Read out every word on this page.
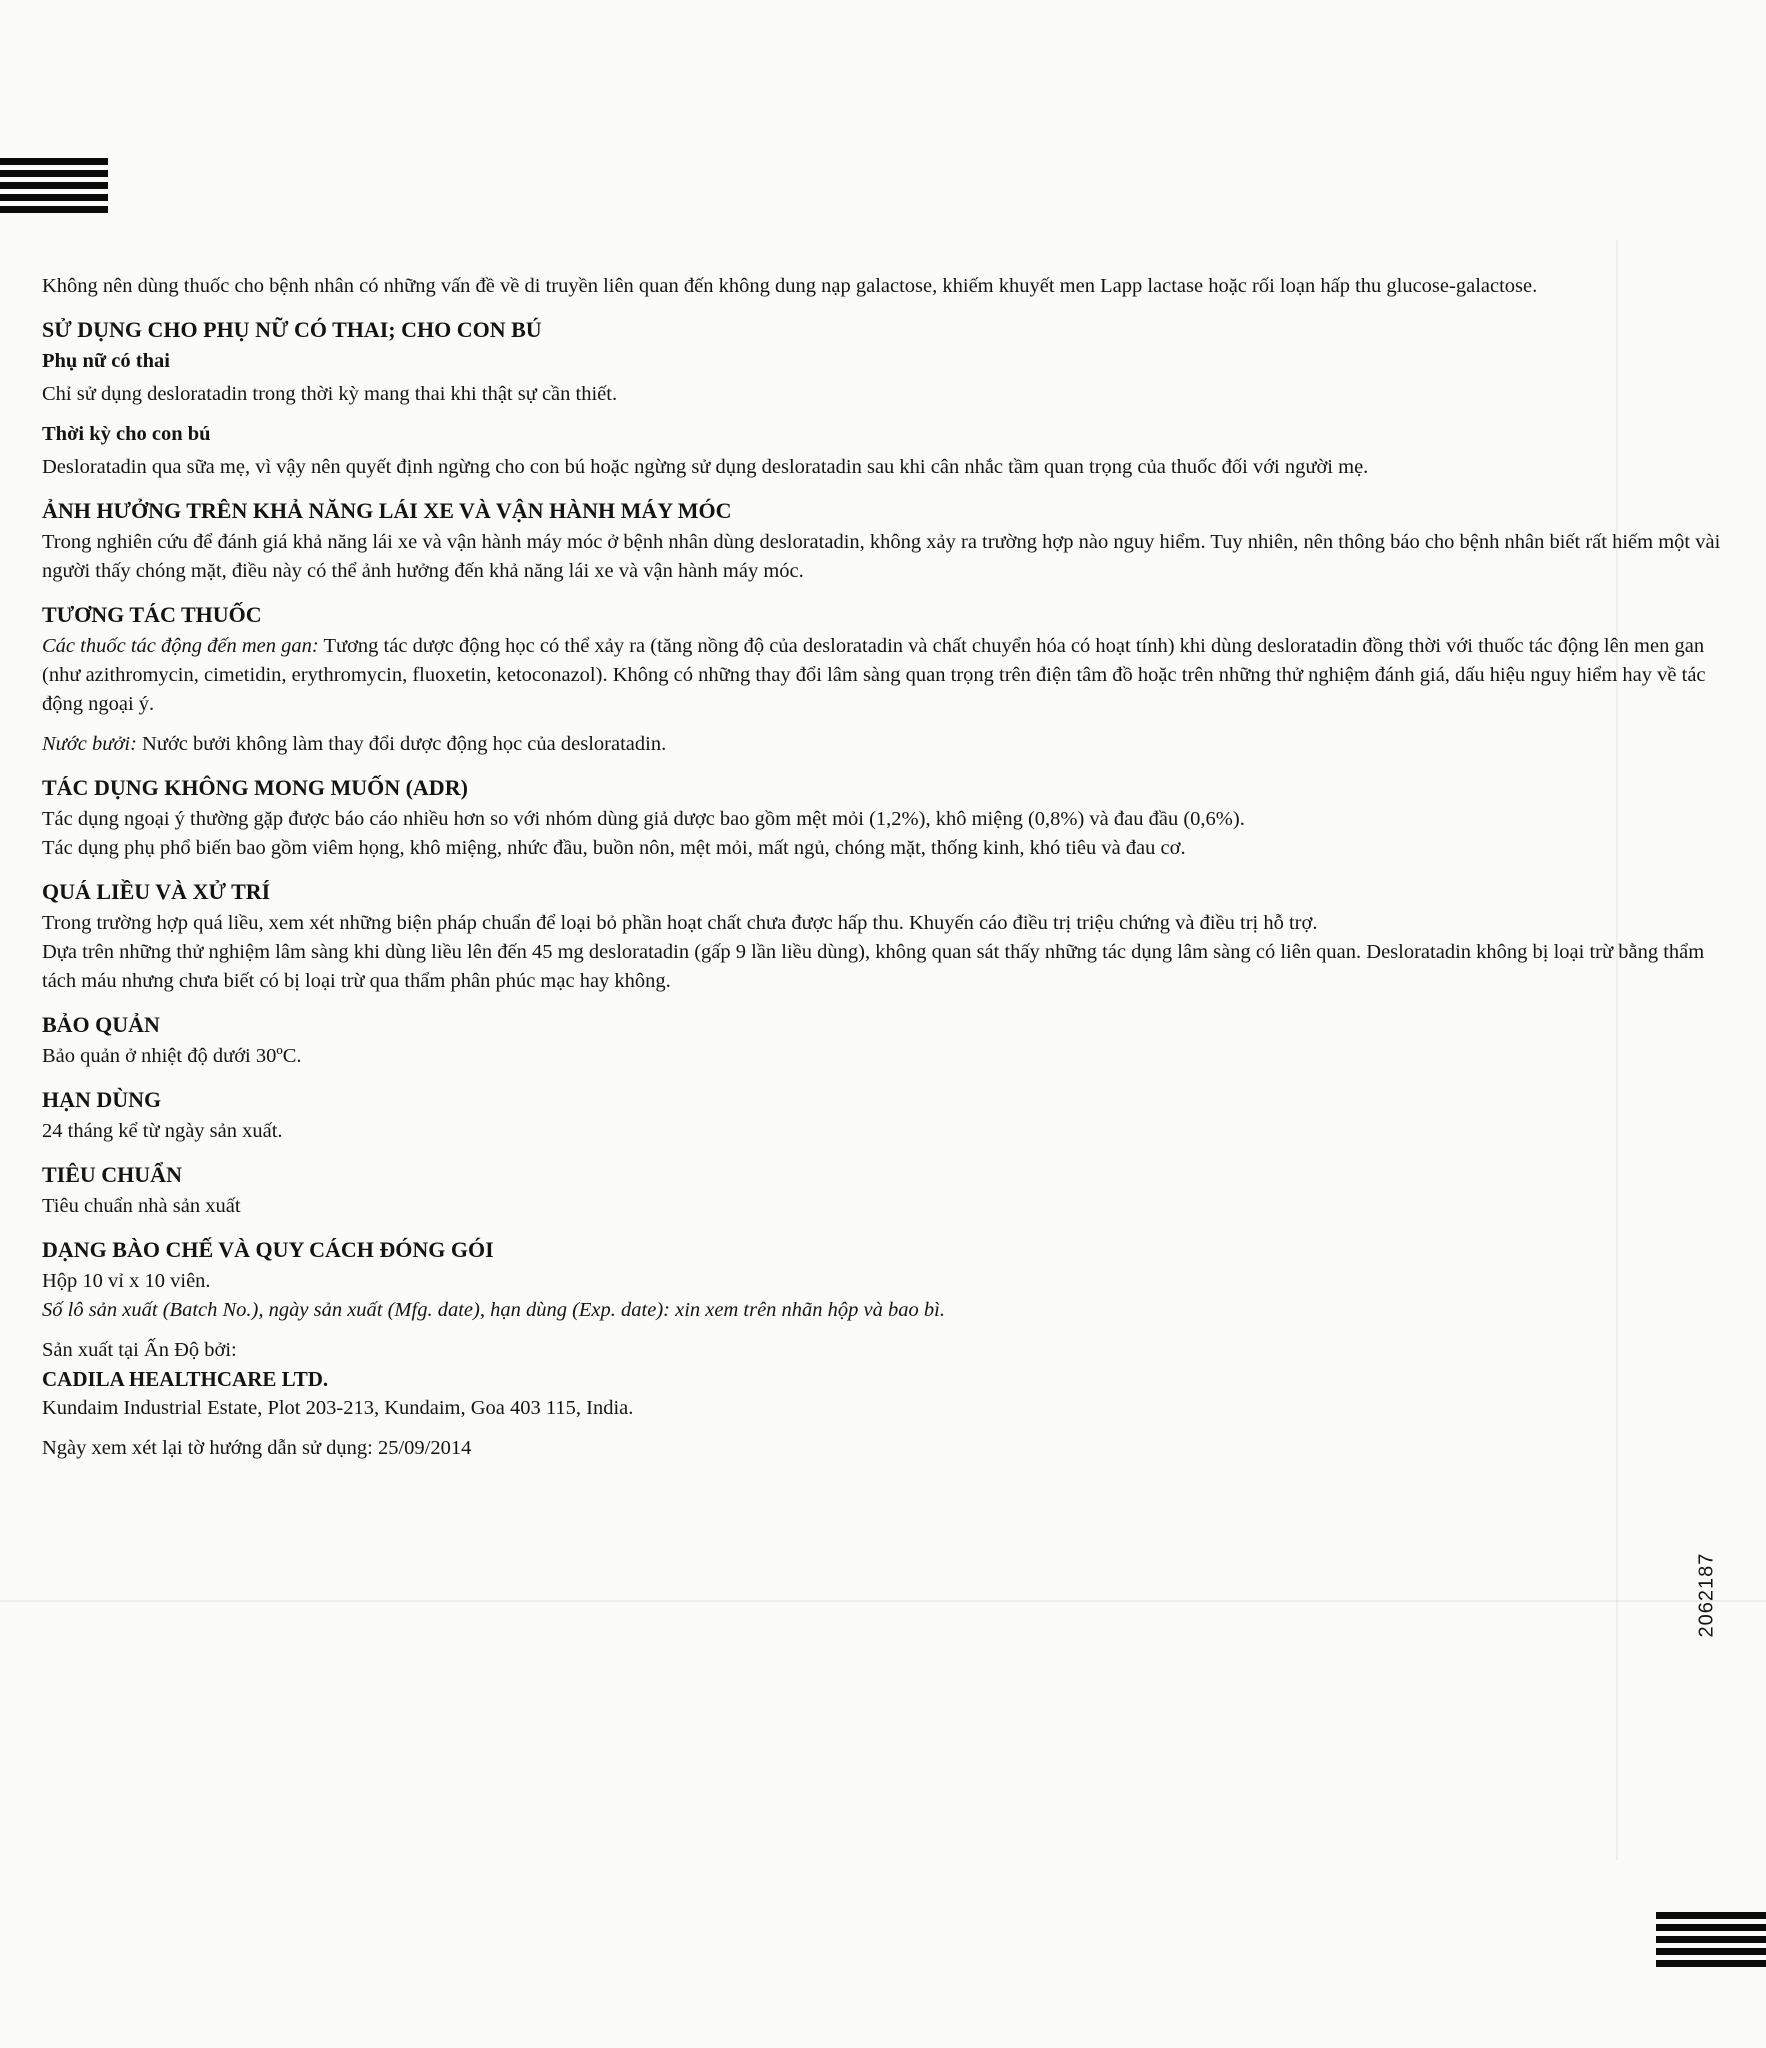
Không nên dùng thuốc cho bệnh nhân có những vấn đề về di truyền liên quan đến không dung nạp galactose, khiếm khuyết men Lapp lactase hoặc rối loạn hấp thu glucose-galactose.

SỬ DỤNG CHO PHỤ NỮ CÓ THAI; CHO CON BÚ
Phụ nữ có thai

Chỉ sử dụng desloratadin trong thời kỳ mang thai khi thật sự cần thiết.

Thời kỳ cho con bú

Desloratadin qua sữa mẹ, vì vậy nên quyết định ngừng cho con bú hoặc ngừng sử dụng desloratadin sau khi cân nhắc tầm quan trọng của thuốc đối với người mẹ.

ẢNH HƯỞNG TRÊN KHẢ NĂNG LÁI XE VÀ VẬN HÀNH MÁY MÓC

Trong nghiên cứu để đánh giá khả năng lái xe và vận hành máy móc ở bệnh nhân dùng desloratadin, không xảy ra trường hợp nào nguy hiểm. Tuy nhiên, nên thông báo cho bệnh nhân biết rất hiếm một vài người thấy chóng mặt, điều này có thể ảnh hưởng đến khả năng lái xe và vận hành máy móc.

TƯƠNG TÁC THUỐC

Các thuốc tác động đến men gan: Tương tác dược động học có thể xảy ra (tăng nồng độ của desloratadin và chất chuyển hóa có hoạt tính) khi dùng desloratadin đồng thời với thuốc tác động lên men gan (như azithromycin, cimetidin, erythromycin, fluoxetin, ketoconazol). Không có những thay đổi lâm sàng quan trọng trên điện tâm đồ hoặc trên những thử nghiệm đánh giá, dấu hiệu nguy hiểm hay về tác động ngoại ý.

Nước bưởi: Nước bưởi không làm thay đổi dược động học của desloratadin.

TÁC DỤNG KHÔNG MONG MUỐN (ADR)

Tác dụng ngoại ý thường gặp được báo cáo nhiều hơn so với nhóm dùng giả dược bao gồm mệt mỏi (1,2%), khô miệng (0,8%) và đau đầu (0,6%).

Tác dụng phụ phổ biến bao gồm viêm họng, khô miệng, nhức đầu, buồn nôn, mệt mỏi, mất ngủ, chóng mặt, thống kinh, khó tiêu và đau cơ.

QUÁ LIỀU VÀ XỬ TRÍ

Trong trường hợp quá liều, xem xét những biện pháp chuẩn để loại bỏ phần hoạt chất chưa được hấp thu. Khuyến cáo điều trị triệu chứng và điều trị hỗ trợ.

Dựa trên những thử nghiệm lâm sàng khi dùng liều lên đến 45 mg desloratadin (gấp 9 lần liều dùng), không quan sát thấy những tác dụng lâm sàng có liên quan. Desloratadin không bị loại trừ bằng thẩm tách máu nhưng chưa biết có bị loại trừ qua thẩm phân phúc mạc hay không.

BẢO QUẢN

Bảo quản ở nhiệt độ dưới 30ºC.

HẠN DÙNG

24 tháng kể từ ngày sản xuất.

TIÊU CHUẨN

Tiêu chuẩn nhà sản xuất

DẠNG BÀO CHẾ VÀ QUY CÁCH ĐÓNG GÓI

Hộp 10 vỉ x 10 viên.

Số lô sản xuất (Batch No.), ngày sản xuất (Mfg. date), hạn dùng (Exp. date): xin xem trên nhãn hộp và bao bì.

Sản xuất tại Ấn Độ bởi:

CADILA HEALTHCARE LTD.

Kundaim Industrial Estate, Plot 203-213, Kundaim, Goa 403 115, India.

Ngày xem xét lại tờ hướng dẫn sử dụng: 25/09/2014

2062187
